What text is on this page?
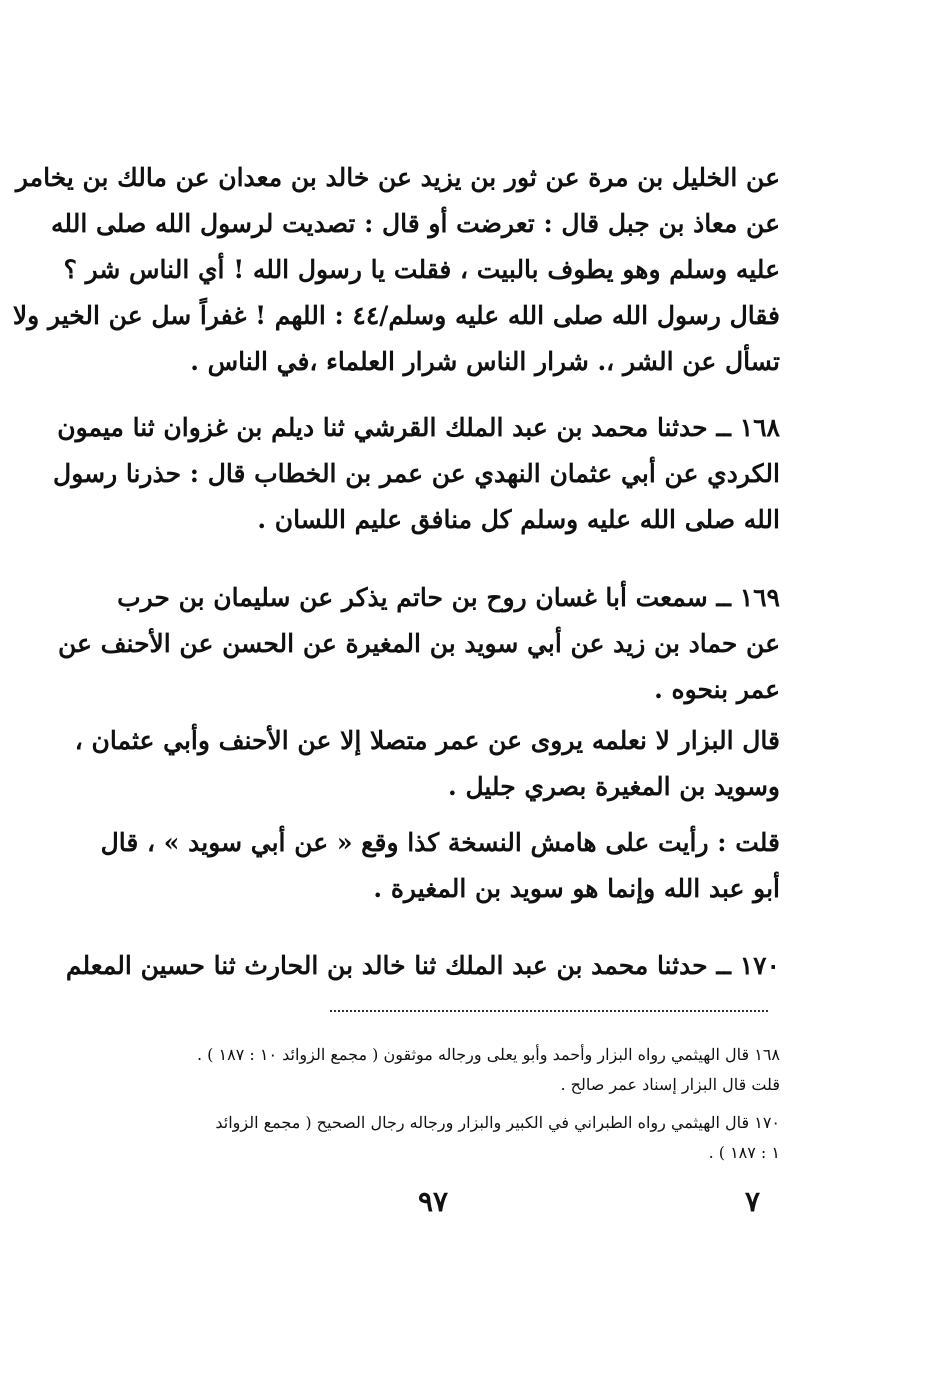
عن الخليل بن مرة عن ثور بن يزيد عن خالد بن معدان عن مالك بن يخامر
عن معاذ بن جبل قال : تعرضت أو قال : تصديت لرسول الله صلى الله
عليه وسلم وهو يطوف بالبيت ، فقلت يا رسول الله ! أي الناس شر ؟
فقال رسول الله صلى الله عليه وسلم/٤٤ : اللهم ! غفراً سل عن الخير ولا
تسأل عن الشر ،. شرار الناس شرار العلماء ،في الناس .
١٦٨ ــ حدثنا محمد بن عبد الملك القرشي ثنا ديلم بن غزوان ثنا ميمون
الكردي عن أبي عثمان النهدي عن عمر بن الخطاب قال : حذرنا رسول
الله صلى الله عليه وسلم كل منافق عليم اللسان .
١٦٩ ــ سمعت أبا غسان روح بن حاتم يذكر عن سليمان بن حرب
عن حماد بن زيد عن أبي سويد بن المغيرة عن الحسن عن الأحنف عن
عمر بنحوه .
قال البزار لا نعلمه يروى عن عمر متصلا إلا عن الأحنف وأبي عثمان ،
وسويد بن المغيرة بصري جليل .
قلت : رأيت على هامش النسخة كذا وقع « عن أبي سويد » ، قال
أبو عبد الله وإنما هو سويد بن المغيرة .
١٧٠ ــ حدثنا محمد بن عبد الملك ثنا خالد بن الحارث ثنا حسين المعلم
١٦٨ قال الهيثمي رواه البزار وأحمد وأبو يعلى ورجاله موثقون ( مجمع الزوائد ١٠ : ١٨٧ ) .
قلت قال البزار إسناد عمر صالح .
١٧٠ قال الهيثمي رواه الطبراني في الكبير والبزار ورجاله رجال الصحيح ( مجمع الزوائد
١ : ١٨٧ ) .
٩٧	٧
